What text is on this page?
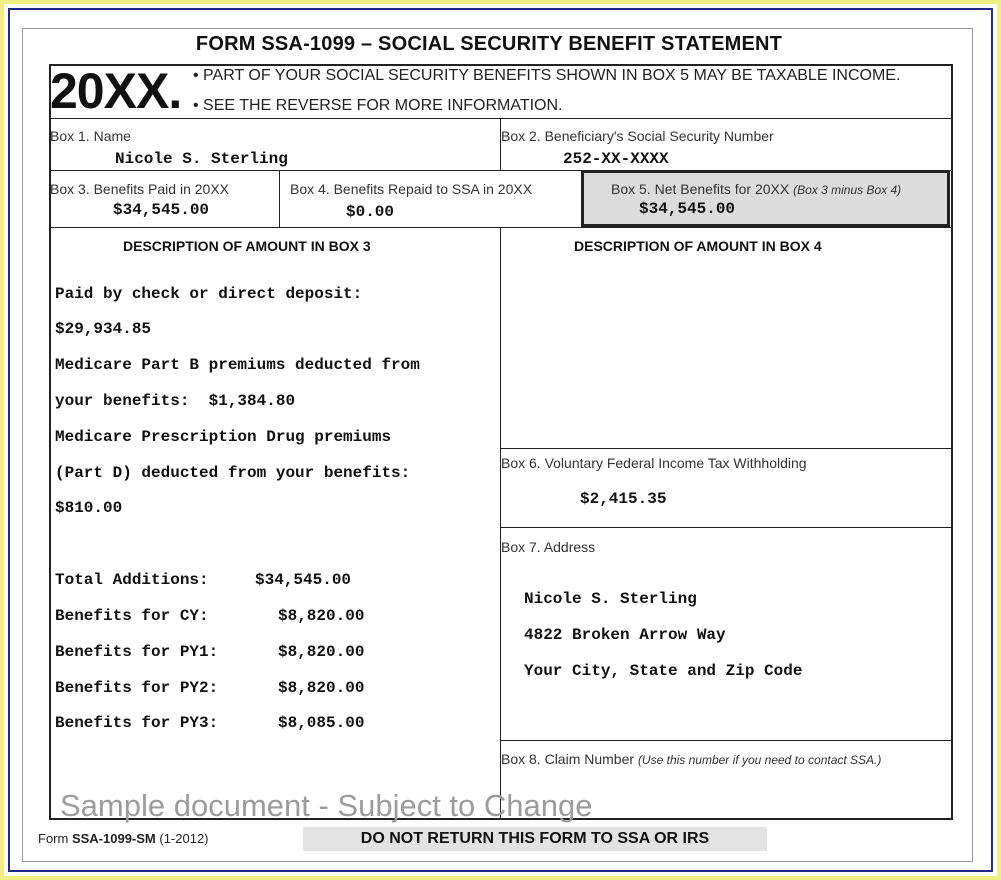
FORM SSA-1099 – SOCIAL SECURITY BENEFIT STATEMENT
20XX. • PART OF YOUR SOCIAL SECURITY BENEFITS SHOWN IN BOX 5 MAY BE TAXABLE INCOME.
• SEE THE REVERSE FOR MORE INFORMATION.
Box 1. Name
Nicole S. Sterling
Box 2. Beneficiary's Social Security Number
252-XX-XXXX
Box 3. Benefits Paid in 20XX
$34,545.00
Box 4. Benefits Repaid to SSA in 20XX
$0.00
Box 5. Net Benefits for 20XX (Box 3 minus Box 4)
$34,545.00
DESCRIPTION OF AMOUNT IN BOX 3	DESCRIPTION OF AMOUNT IN BOX 4
Paid by check or direct deposit:
$29,934.85
Medicare Part B premiums deducted from
your benefits:  $1,384.80
Medicare Prescription Drug premiums
(Part D) deducted from your benefits:
$810.00
Total Additions:	$34,545.00
Benefits for CY:	$8,820.00
Benefits for PY1:	$8,820.00
Benefits for PY2:	$8,820.00
Benefits for PY3:	$8,085.00
Box 6. Voluntary Federal Income Tax Withholding
$2,415.35
Box 7. Address
Nicole S. Sterling
4822 Broken Arrow Way
Your City, State and Zip Code
Box 8. Claim Number (Use this number if you need to contact SSA.)
Sample document - Subject to Change
Form SSA-1099-SM (1-2012)	DO NOT RETURN THIS FORM TO SSA OR IRS
